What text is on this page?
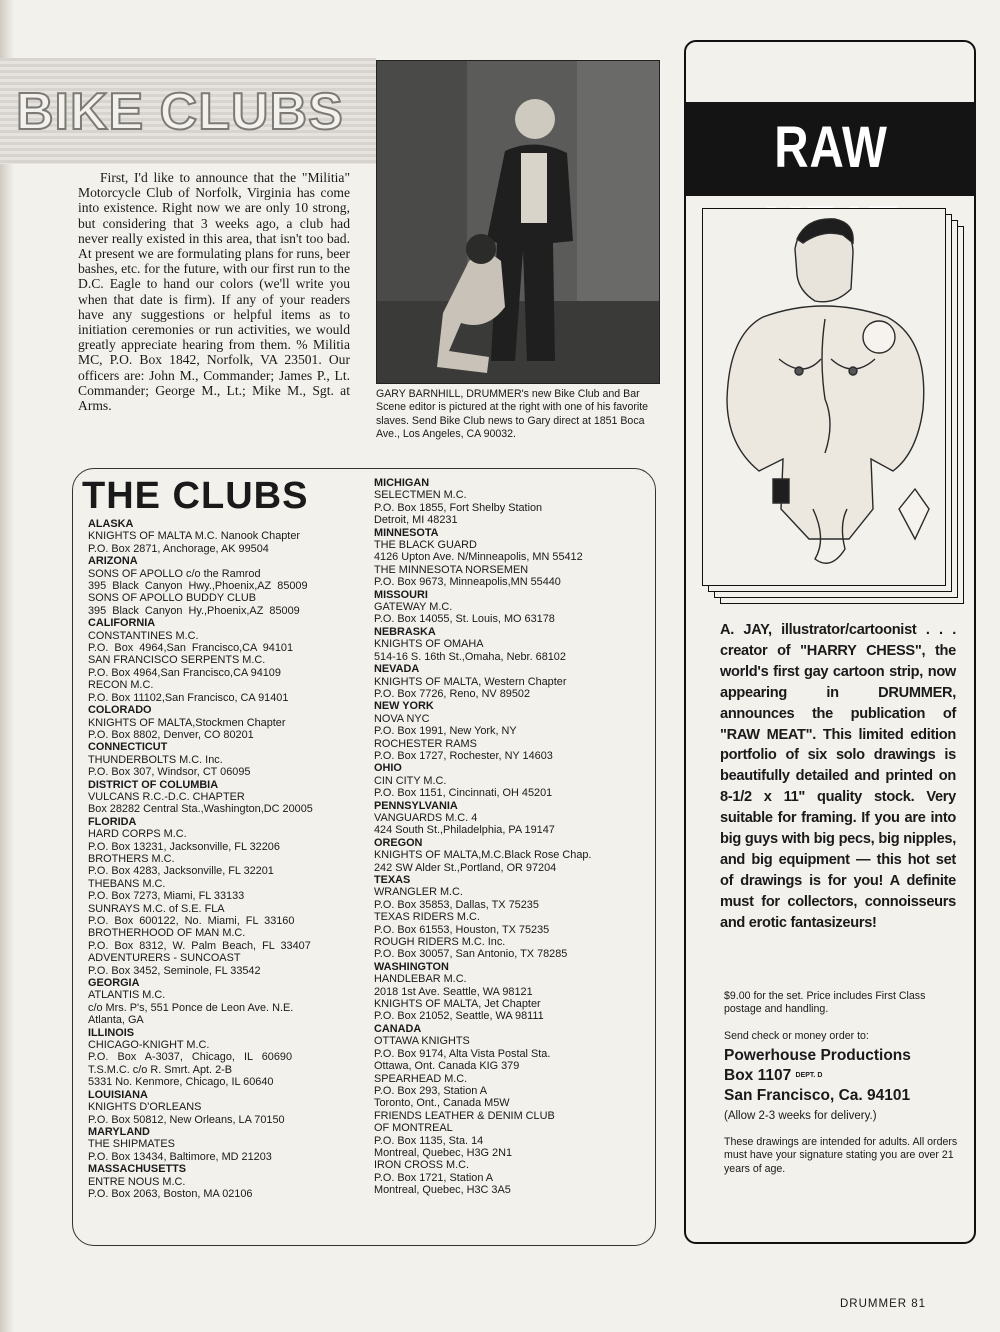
BIKE CLUBS

First, I'd like to announce that the "Militia" Motorcycle Club of Norfolk, Virginia has come into existence. Right now we are only 10 strong, but considering that 3 weeks ago, a club had never really existed in this area, that isn't too bad. At present we are formulating plans for runs, beer bashes, etc. for the future, with our first run to the D.C. Eagle to hand our colors (we'll write you when that date is firm). If any of your readers have any suggestions or helpful items as to initiation ceremonies or run activities, we would greatly appreciate hearing from them. % Militia MC, P.O. Box 1842, Norfolk, VA 23501. Our officers are: John M., Commander; James P., Lt. Commander; George M., Lt.; Mike M., Sgt. at Arms.

GARY BARNHILL, DRUMMER's new Bike Club and Bar Scene editor is pictured at the right with one of his favorite slaves. Send Bike Club news to Gary direct at 1851 Boca Ave., Los Angeles, CA 90032.

THE CLUBS
ALASKA
KNIGHTS OF MALTA M.C. Nanook Chapter
P.O. Box 2871, Anchorage, AK 99504
ARIZONA
SONS OF APOLLO c/o the Ramrod
395  Black  Canyon  Hwy.,Phoenix,AZ  85009
SONS OF APOLLO BUDDY CLUB
395  Black  Canyon  Hy.,Phoenix,AZ  85009
CALIFORNIA
CONSTANTINES M.C.
P.O.  Box  4964,San  Francisco,CA  94101
SAN FRANCISCO SERPENTS M.C.
P.O. Box 4964,San Francisco,CA 94109
RECON M.C.
P.O. Box 11102,San Francisco, CA 91401
COLORADO
KNIGHTS OF MALTA,Stockmen Chapter
P.O. Box 8802, Denver, CO 80201
CONNECTICUT
THUNDERBOLTS M.C. Inc.
P.O. Box 307, Windsor, CT 06095
DISTRICT OF COLUMBIA
VULCANS R.C.-D.C. CHAPTER
Box 28282 Central Sta.,Washington,DC 20005
FLORIDA
HARD CORPS M.C.
P.O. Box 13231, Jacksonville, FL 32206
BROTHERS M.C.
P.O. Box 4283, Jacksonville, FL 32201
THEBANS M.C.
P.O. Box 7273, Miami, FL 33133
SUNRAYS M.C. of S.E. FLA
P.O.  Box  600122,  No.  Miami,  FL  33160
BROTHERHOOD OF MAN M.C.
P.O.  Box  8312,  W.  Palm  Beach,  FL  33407
ADVENTURERS - SUNCOAST
P.O. Box 3452, Seminole, FL 33542
GEORGIA
ATLANTIS M.C.
c/o Mrs. P's, 551 Ponce de Leon Ave. N.E.
Atlanta, GA
ILLINOIS
CHICAGO-KNIGHT M.C.
P.O.   Box   A-3037,   Chicago,   IL   60690
T.S.M.C. c/o R. Smrt. Apt. 2-B
5331 No. Kenmore, Chicago, IL 60640
LOUISIANA
KNIGHTS D'ORLEANS
P.O. Box 50812, New Orleans, LA 70150
MARYLAND
THE SHIPMATES
P.O. Box 13434, Baltimore, MD 21203
MASSACHUSETTS
ENTRE NOUS M.C.
P.O. Box 2063, Boston, MA 02106
MICHIGAN
SELECTMEN M.C.
P.O. Box 1855, Fort Shelby Station
Detroit, MI 48231
MINNESOTA
THE BLACK GUARD
4126 Upton Ave. N/Minneapolis, MN 55412
THE MINNESOTA NORSEMEN
P.O. Box 9673, Minneapolis,MN 55440
MISSOURI
GATEWAY M.C.
P.O. Box 14055, St. Louis, MO 63178
NEBRASKA
KNIGHTS OF OMAHA
514-16 S. 16th St.,Omaha, Nebr. 68102
NEVADA
KNIGHTS OF MALTA, Western Chapter
P.O. Box 7726, Reno, NV 89502
NEW YORK
NOVA NYC
P.O. Box 1991, New York, NY
ROCHESTER RAMS
P.O. Box 1727, Rochester, NY 14603
OHIO
CIN CITY M.C.
P.O. Box 1151, Cincinnati, OH 45201
PENNSYLVANIA
VANGUARDS M.C. 4
424 South St.,Philadelphia, PA 19147
OREGON
KNIGHTS OF MALTA,M.C.Black Rose Chap.
242 SW Alder St.,Portland, OR 97204
TEXAS
WRANGLER M.C.
P.O. Box 35853, Dallas, TX 75235
TEXAS RIDERS M.C.
P.O. Box 61553, Houston, TX 75235
ROUGH RIDERS M.C. Inc.
P.O. Box 30057, San Antonio, TX 78285
WASHINGTON
HANDLEBAR M.C.
2018 1st Ave. Seattle, WA 98121
KNIGHTS OF MALTA, Jet Chapter
P.O. Box 21052, Seattle, WA 98111
CANADA
OTTAWA KNIGHTS
P.O. Box 9174, Alta Vista Postal Sta.
Ottawa, Ont. Canada KIG 379
SPEARHEAD M.C.
P.O. Box 293, Station A
Toronto, Ont., Canada M5W
FRIENDS LEATHER & DENIM CLUB
OF MONTREAL
P.O. Box 1135, Sta. 14
Montreal, Quebec, H3G 2N1
IRON CROSS M.C.
P.O. Box 1721, Station A
Montreal, Quebec, H3C 3A5
RAW

A. JAY, illustrator/cartoonist . . . creator of "HARRY CHESS", the world's first gay cartoon strip, now appearing in DRUMMER, announces the publication of "RAW MEAT". This limited edition portfolio of six solo drawings is beautifully detailed and printed on 8-1/2 x 11" quality stock. Very suitable for framing. If you are into big guys with big pecs, big nipples, and big equipment — this hot set of drawings is for you! A definite must for collectors, connoisseurs and erotic fantasizeurs!

$9.00 for the set. Price includes First Class postage and handling.

Send check or money order to:

Powerhouse Productions
Box 1107 DEPT. D
San Francisco, Ca. 94101

(Allow 2-3 weeks for delivery.)

These drawings are intended for adults. All orders must have your signature stating you are over 21 years of age.

DRUMMER 81
